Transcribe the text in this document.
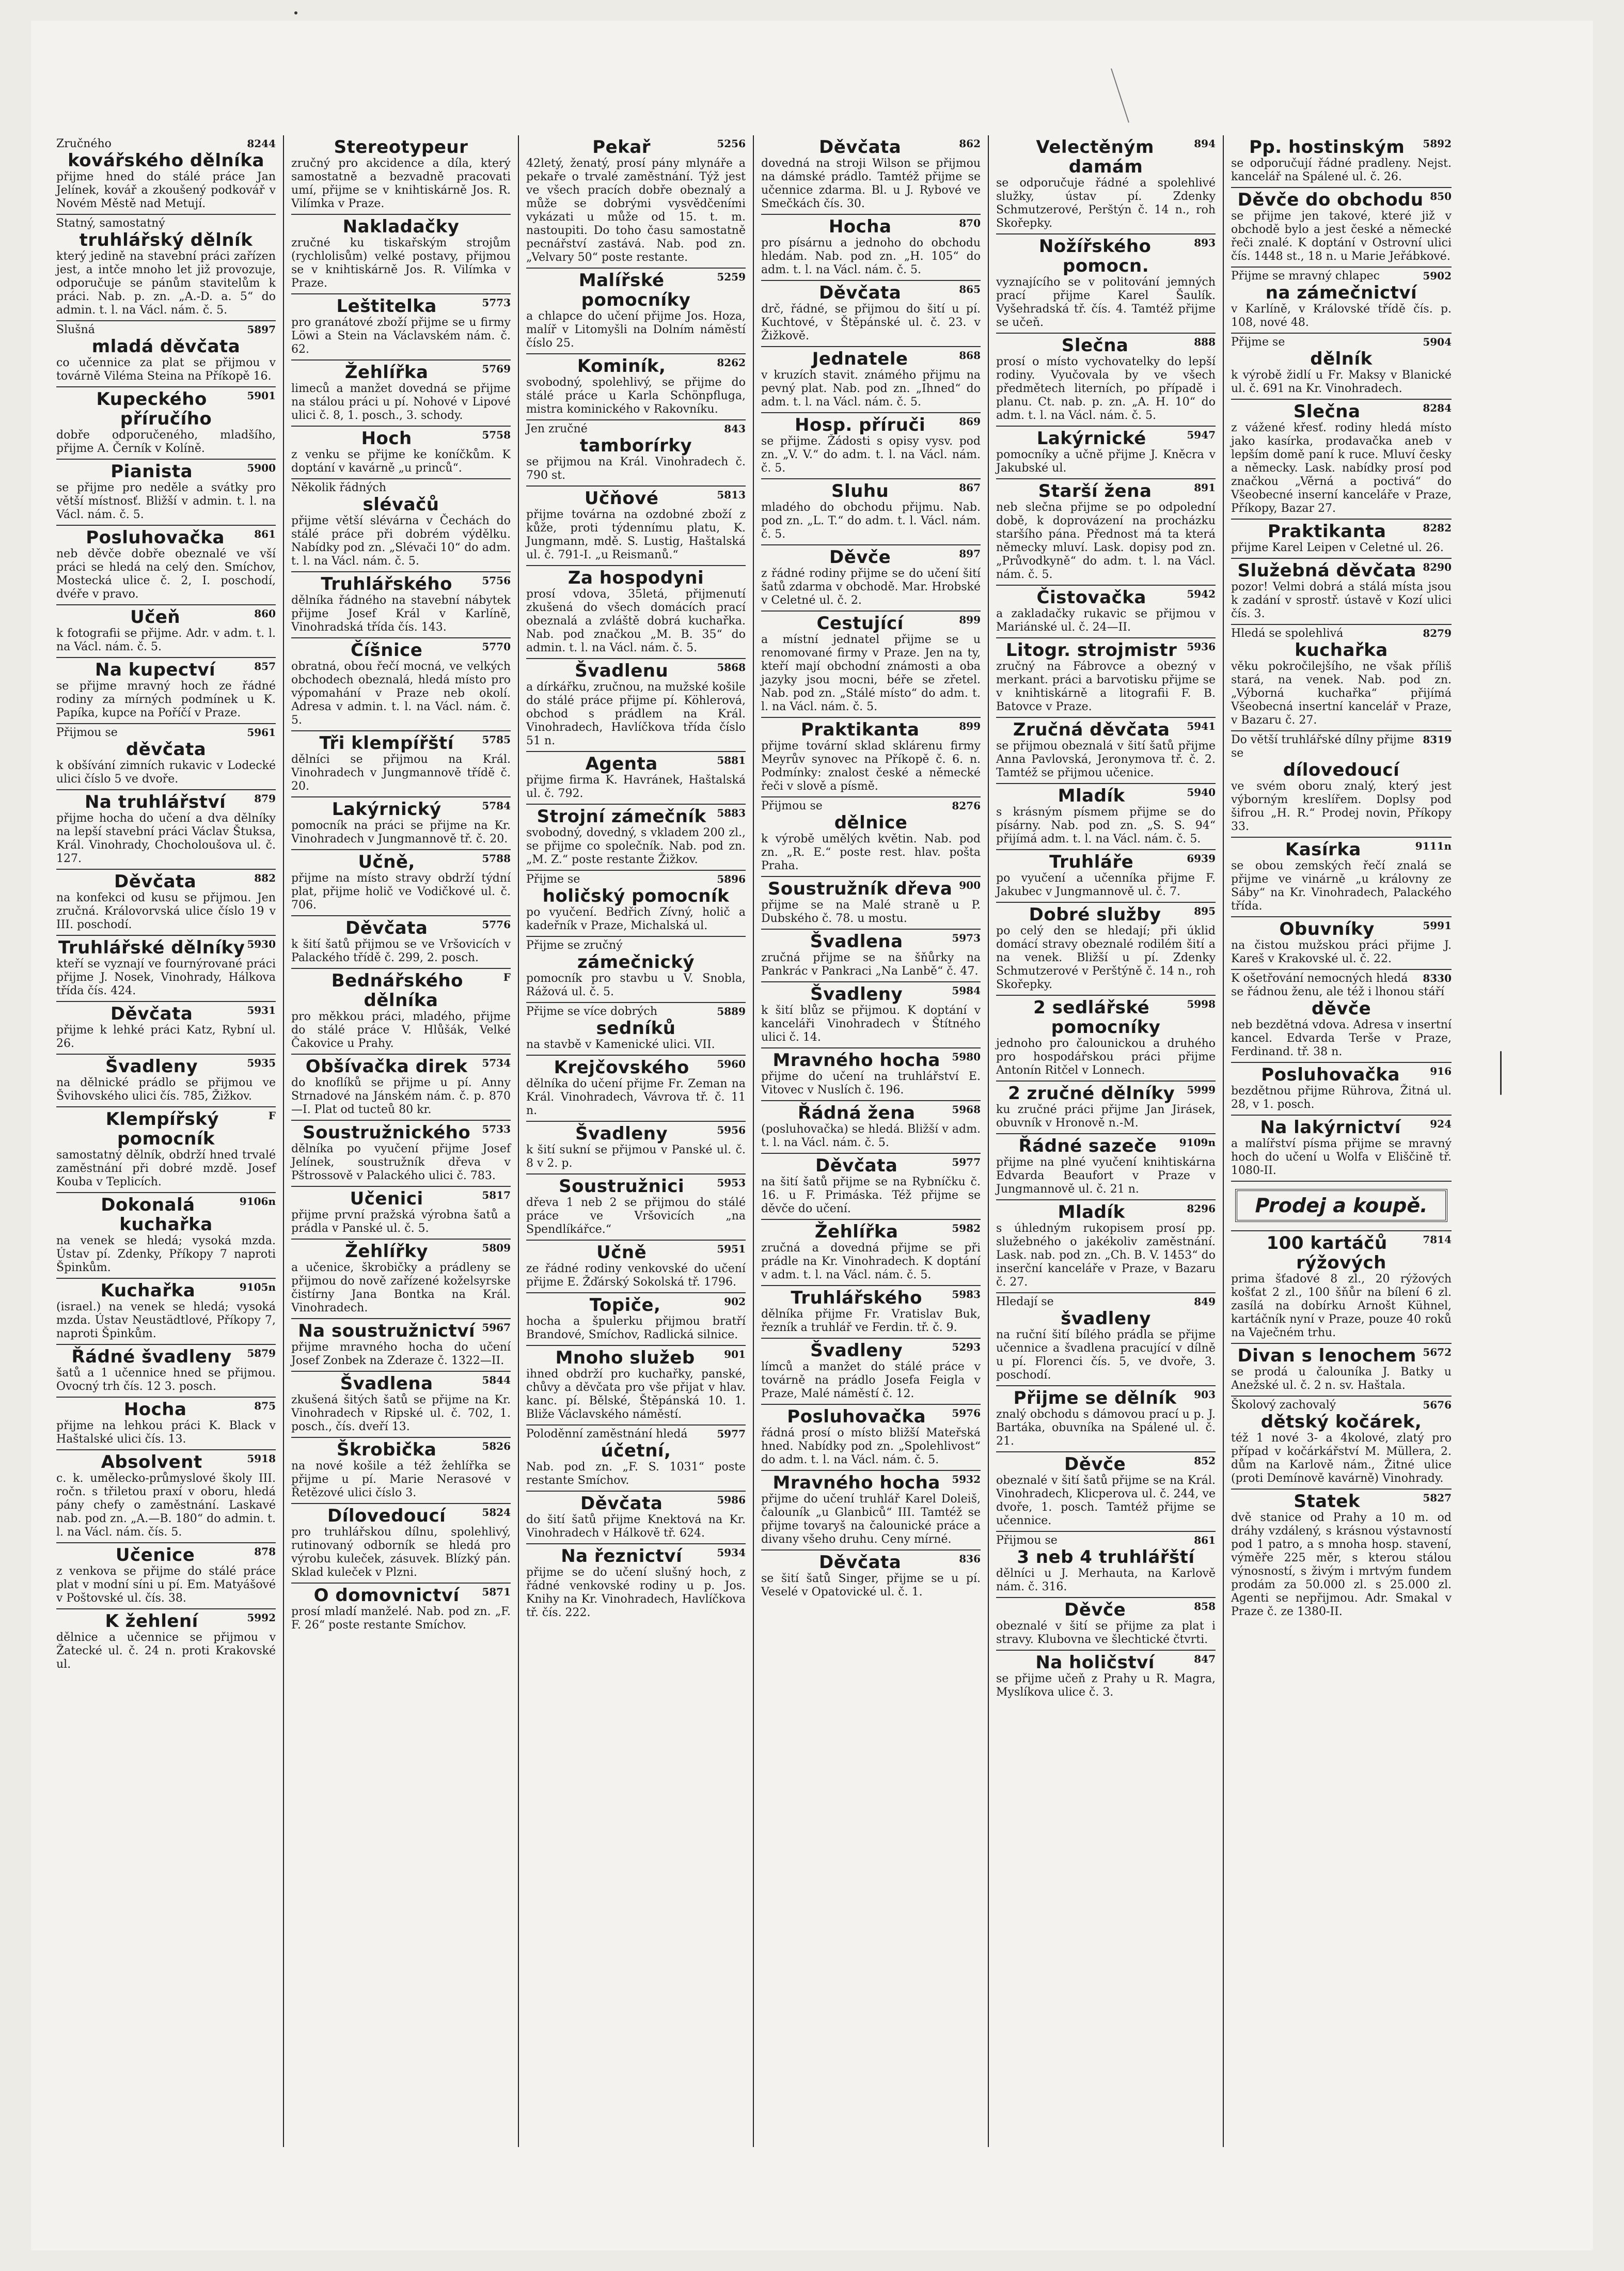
8244
Zručného
kovářského dělníka
přijme hned do stálé práce Jan Jelínek, kovář a zkoušený podkovář v Novém Městě nad Metují.
Statný, samostatný
truhlářský dělník
který jedině na stavební práci zařízen jest, a intče mnoho let již provozuje, odporučuje se pánům stavitelům k práci. Nab. p. zn. „A.-D. a. 5“ do admin. t. l. na Václ. nám. č. 5.
5897
Slušná
mladá děvčata
co učennice za plat se přijmou v továrně Viléma Steina na Příkopě 16.
5901
Kupeckého příručího
dobře odporučeného, mladšího, přijme A. Černík v Kolíně.
5900
Pianista
se přijme pro neděle a svátky pro větší místnosť. Bližší v admin. t. l. na Václ. nám. č. 5.
861
Posluhovačka
neb děvče dobře obeznalé ve vší práci se hledá na celý den. Smíchov, Mostecká ulice č. 2, I. poschodí, dvéře v pravo.
860
Učeň
k fotografii se přijme. Adr. v adm. t. l. na Václ. nám. č. 5.
857
Na kupectví
se přijme mravný hoch ze řádné rodiny za mírných podmínek u K. Papíka, kupce na Poříčí v Praze.
5961
Přijmou se
děvčata
k obšívání zimních rukavic v Lodecké ulici číslo 5 ve dvoře.
879
Na truhlářství
přijme hocha do učení a dva dělníky na lepší stavební práci Václav Štuksa, Král. Vinohrady, Chocholoušova ul. č. 127.
882
Děvčata
na konfekci od kusu se přijmou. Jen zručná. Královorvská ulice číslo 19 v III. poschodí.
5930
Truhlářské dělníky
kteří se vyznají ve fournýrované práci přijme J. Nosek, Vinohrady, Hálkova třída čís. 424.
5931
Děvčata
přijme k lehké práci Katz, Rybní ul. 26.
5935
Švadleny
na dělnické prádlo se přijmou ve Švihovského ulici čís. 785, Žižkov.
F
Klempířský pomocník
samostatný dělník, obdrží hned trvalé zaměstnání při dobré mzdě. Josef Kouba v Teplicích.
9106n
Dokonalá kuchařka
na venek se hledá; vysoká mzda. Ústav pí. Zdenky, Příkopy 7 naproti Špinkům.
9105n
Kuchařka
(israel.) na venek se hledá; vysoká mzda. Ústav Neustädtlové, Příkopy 7, naproti Špinkům.
5879
Řádné švadleny
šatů a 1 učennice hned se přijmou. Ovocný trh čís. 12 3. posch.
875
Hocha
přijme na lehkou práci K. Black v Haštalské ulici čís. 13.
5918
Absolvent
c. k. umělecko-průmyslové školy III. ročn. s třiletou praxí v oboru, hledá pány chefy o zaměstnání. Laskavé nab. pod zn. „A.—B. 180“ do admin. t. l. na Václ. nám. čís. 5.
878
Učenice
z venkova se přijme do stálé práce plat v modní síni u pí. Em. Matyášové v Poštovské ul. čís. 38.
5992
K žehlení
dělnice a učennice se přijmou v Žatecké ul. č. 24 n. proti Krakovské ul.
Stereotypeur
zručný pro akcidence a díla, který samostatně a bezvadně pracovati umí, přijme se v knihtiskárně Jos. R. Vilímka v Praze.
Nakladačky
zručné ku tiskařským strojům (rychlolisům) velké postavy, přijmou se v knihtiskárně Jos. R. Vilímka v Praze.
5773
Leštitelka
pro granátové zboží přijme se u firmy Löwi a Stein na Václavském nám. č. 62.
5769
Žehlířka
limeců a manžet dovedná se přijme na stálou práci u pí. Nohové v Lipové ulici č. 8, 1. posch., 3. schody.
5758
Hoch
z venku se přijme ke koníčkům. K doptání v kavárně „u princů“.
Několik řádných
slévačů
přijme větší slévárna v Čechách do stálé práce při dobrém výdělku. Nabídky pod zn. „Slévači 10“ do adm. t. l. na Václ. nám. č. 5.
5756
Truhlářského
dělníka řádného na stavební nábytek přijme Josef Král v Karlíně, Vinohradská třída čís. 143.
5770
Číšnice
obratná, obou řečí mocná, ve velkých obchodech obeznalá, hledá místo pro výpomahání v Praze neb okolí. Adresa v admin. t. l. na Václ. nám. č. 5.
5785
Tři klempířští
dělníci se přijmou na Král. Vinohradech v Jungmannově třídě č. 20.
5784
Lakýrnický
pomocník na práci se přijme na Kr. Vinohradech v Jungmannově tř. č. 20.
5788
Učně,
přijme na místo stravy obdrží týdní plat, přijme holič ve Vodičkové ul. č. 706.
5776
Děvčata
k šití šatů přijmou se ve Vršovicích v Palackého třídě č. 299, 2. posch.
F
Bednářského dělníka
pro měkkou práci, mladého, přijme do stálé práce V. Hlůšák, Velké Čakovice u Prahy.
5734
Obšívačka direk
do knoflíků se přijme u pí. Anny Strnadové na Jánském nám. č. p. 870—I. Plat od tucteů 80 kr.
5733
Soustružnického
dělníka po vyučení přijme Josef Jelínek, soustružník dřeva v Pštrossově v Palackého ulici č. 783.
5817
Učenici
přijme první pražská výrobna šatů a prádla v Panské ul. č. 5.
5809
Žehlířky
a učenice, škrobičky a prádleny se přijmou do nově zařízené koželsyrske čistírny Jana Bontka na Král. Vinohradech.
5967
Na soustružnictví
přijme mravného hocha do učení Josef Zonbek na Zderaze č. 1322—II.
5844
Švadlena
zkušená šitých šatů se přijme na Kr. Vinohradech v Ripské ul. č. 702, 1. posch., čís. dveří 13.
5826
Škrobička
na nové košile a též žehlířka se přijme u pí. Marie Nerasové v Řetězové ulici číslo 3.
5824
Dílovedoucí
pro truhlářskou dílnu, spolehlivý, rutinovaný odborník se hledá pro výrobu kuleček, zásuvek. Blízký pán. Sklad kuleček v Plzni.
5871
O domovnictví
prosí mladí manželé. Nab. pod zn. „F. F. 26“ poste restante Smíchov.
5256
Pekař
42letý, ženatý, prosí pány mlynáře a pekaře o trvalé zaměstnání. Týž jest ve všech pracích dobře obeznalý a může se dobrými vysvědčeními vykázati u může od 15. t. m. nastoupiti. Do toho času samostatně pecnářství zastává. Nab. pod zn. „Velvary 50“ poste restante.
5259
Malířské pomocníky
a chlapce do učení přijme Jos. Hoza, malíř v Litomyšli na Dolním náměstí číslo 25.
8262
Kominík,
svobodný, spolehlivý, se přijme do stálé práce u Karla Schönpfluga, mistra kominického v Rakovníku.
843
Jen zručné
tamborírky
se přijmou na Král. Vinohradech č. 790 st.
5813
Učňové
přijme továrna na ozdobné zboží z kůže, proti týdennímu platu, K. Jungmann, mdě. S. Lustig, Haštalská ul. č. 791-I. „u Reismanů.“
Za hospodyni
prosí vdova, 35letá, přijmenutí zkušená do všech domácích prací obeznalá a zvláště dobrá kuchařka. Nab. pod značkou „M. B. 35“ do admin. t. l. na Václ. nám. č. 5.
5868
Švadlenu
a dírkářku, zručnou, na mužské košile do stálé práce přijme pí. Köhlerová, obchod s prádlem na Král. Vinohradech, Havlíčkova třída číslo 51 n.
5881
Agenta
přijme firma K. Havránek, Haštalská ul. č. 792.
5883
Strojní zámečník
svobodný, dovedný, s vkladem 200 zl., se přijme co společník. Nab. pod zn. „M. Z.“ poste restante Žižkov.
5896
Přijme se
holičský pomocník
po vyučení. Bedřich Zívný, holič a kadeřník v Praze, Michalská ul.
Přijme se zručný
zámečnický
pomocník pro stavbu u V. Snobla, Rážová ul. č. 5.
5889
Přijme se více dobrých
sedníků
na stavbě v Kamenické ulici. VII.
5960
Krejčovského
dělníka do učení přijme Fr. Zeman na Král. Vinohradech, Vávrova tř. č. 11 n.
5956
Švadleny
k šití sukní se přijmou v Panské ul. č. 8 v 2. p.
5953
Soustružnici
dřeva 1 neb 2 se přijmou do stálé práce ve Vršovicích „na Spendlíkářce.“
5951
Učně
ze řádné rodiny venkovské do učení přijme E. Žďárský Sokolská tř. 1796.
902
Topiče,
hocha a špulerku přijmou bratří Brandové, Smíchov, Radlická silnice.
901
Mnoho služeb
ihned obdrží pro kuchařky, panské, chůvy a děvčata pro vše přijat v hlav. kanc. pí. Bělské, Štěpánská 10. 1. Bliže Václavského náměstí.
5977
Poloděnní zaměstnání hledá
účetní,
Nab. pod zn. „F. S. 1031“ poste restante Smíchov.
5986
Děvčata
do šití šatů přijme Knektová na Kr. Vinohradech v Hálkově tř. 624.
5934
Na řeznictví
přijme se do učení slušný hoch, z řádné venkovské rodiny u p. Jos. Knihy na Kr. Vinohradech, Havlíčkova tř. čís. 222.
862
Děvčata
dovedná na stroji Wilson se přijmou na dámské prádlo. Tamtéž přijme se učennice zdarma. Bl. u J. Rybové ve Smečkách čís. 30.
870
Hocha
pro písárnu a jednoho do obchodu hledám. Nab. pod zn. „H. 105“ do adm. t. l. na Václ. nám. č. 5.
865
Děvčata
drč, řádné, se přijmou do šití u pí. Kuchtové, v Štěpánské ul. č. 23. v Žižkově.
868
Jednatele
v kruzích stavit. známého přijmu na pevný plat. Nab. pod zn. „Ihned“ do adm. t. l. na Václ. nám. č. 5.
869
Hosp. příruči
se přijme. Žádosti s opisy vysv. pod zn. „V. V.“ do adm. t. l. na Václ. nám. č. 5.
867
Sluhu
mladého do obchodu přijmu. Nab. pod zn. „L. T.“ do adm. t. l. Václ. nám. č. 5.
897
Děvče
z řádné rodiny přijme se do učení šití šatů zdarma v obchodě. Mar. Hrobské v Celetné ul. č. 2.
899
Cestující
a místní jednatel přijme se u renomované firmy v Praze. Jen na ty, kteří mají obchodní známosti a oba jazyky jsou mocni, béře se zřetel. Nab. pod zn. „Stálé místo“ do adm. t. l. na Václ. nám. č. 5.
899
Praktikanta
přijme tovární sklad sklárenu firmy Meyrův synovec na Příkopě č. 6. n. Podmínky: znalost české a německé řeči v slově a písmě.
8276
Přijmou se
dělnice
k výrobě umělých květin. Nab. pod zn. „R. E.“ poste rest. hlav. pošta Praha.
900
Soustružník dřeva
přijme se na Malé straně u P. Dubského č. 78. u mostu.
5973
Švadlena
zručná přijme se na šňůrky na Pankrác v Pankraci „Na Lanbě“ č. 47.
5984
Švadleny
k šití blůz se přijmou. K doptání v kanceláři Vinohradech v Štítného ulici č. 14.
5980
Mravného hocha
přijme do učení na truhlářství E. Vitovec v Nuslích č. 196.
5968
Řádná žena
(posluhovačka) se hledá. Bližší v adm. t. l. na Václ. nám. č. 5.
5977
Děvčata
na šití šatů přijme se na Rybníčku č. 16. u F. Primáska. Též přijme se děvče do učení.
5982
Žehlířka
zručná a dovedná přijme se při prádle na Kr. Vinohradech. K doptání v adm. t. l. na Václ. nám. č. 5.
5983
Truhlářského
dělníka přijme Fr. Vratislav Buk, řezník a truhlář ve Ferdin. tř. č. 9.
5293
Švadleny
límců a manžet do stálé práce v továrně na prádlo Josefa Feigla v Praze, Malé náměstí č. 12.
5976
Posluhovačka
řádná prosí o místo bližší Mateřská hned. Nabídky pod zn. „Spolehlivost“ do adm. t. l. na Václ. nám. č. 5.
5932
Mravného hocha
přijme do učení truhlář Karel Doleiš, čalouník „u Glanbiců“ III. Tamtéž se přijme tovaryš na čalounické práce a divany všeho druhu. Ceny mírné.
836
Děvčata
se šití šatů Singer, přijme se u pí. Veselé v Opatovické ul. č. 1.
894
Velectěným damám
se odporučuje řádné a spolehlivé služky, ústav pí. Zdenky Schmutzerové, Perštýn č. 14 n., roh Skořepky.
893
Nožířského pomocn.
vyznajícího se v politování jemných prací přijme Karel Šaulík. Vyšehradská tř. čís. 4. Tamtéž přijme se učeň.
888
Slečna
prosí o místo vychovatelky do lepší rodiny. Vyučovala by ve všech předmětech literních, po případě i planu. Ct. nab. p. zn. „A. H. 10“ do adm. t. l. na Václ. nám. č. 5.
5947
Lakýrnické
pomocníky a učně přijme J. Kněcra v Jakubské ul.
891
Starší žena
neb slečna přijme se po odpolední době, k doprovázení na procházku staršího pána. Přednost má ta která německy mluví. Lask. dopisy pod zn. „Průvodkyně“ do adm. t. l. na Václ. nám. č. 5.
5942
Čistovačka
a zakladačky rukavic se přijmou v Mariánské ul. č. 24—II.
5936
Litogr. strojmistr
zručný na Fábrovce a obezný v merkant. práci a barvotisku přijme se v knihtiskárně a litografii F. B. Batovce v Praze.
5941
Zručná děvčata
se přijmou obeznalá v šití šatů přijme Anna Pavlovská, Jeronymova tř. č. 2. Tamtéž se přijmou učenice.
5940
Mladík
s krásným písmem přijme se do písárny. Nab. pod zn. „S. S. 94“ přijímá adm. t. l. na Václ. nám. č. 5.
6939
Truhláře
po vyučení a učenníka přijme F. Jakubec v Jungmannově ul. č. 7.
895
Dobré služby
po celý den se hledají; při úklid domácí stravy obeznalé rodilém šití a na venek. Bližší u pí. Zdenky Schmutzerové v Perštýně č. 14 n., roh Skořepky.
5998
2 sedlářské pomocníky
jednoho pro čalounickou a druhého pro hospodářskou práci přijme Antonín Ritčel v Lonnech.
5999
2 zručné dělníky
ku zručné práci přijme Jan Jirásek, obuvník v Hronově n.-M.
9109n
Řádné sazeče
přijme na plné vyučení knihtiskárna Edvarda Beaufort v Praze v Jungmannově ul. č. 21 n.
8296
Mladík
s úhledným rukopisem prosí pp. služebného o jakékoliv zaměstnání. Lask. nab. pod zn. „Ch. B. V. 1453“ do inserční kanceláře v Praze, v Bazaru č. 27.
849
Hledají se
švadleny
na ruční šití bílého prádla se přijme učennice a švadlena pracující v dílně u pí. Florenci čís. 5, ve dvoře, 3. poschodí.
903
Přijme se dělník
znalý obchodu s dámovou prací u p. J. Bartáka, obuvníka na Spálené ul. č. 21.
852
Děvče
obeznalé v šití šatů přijme se na Král. Vinohradech, Klicperova ul. č. 244, ve dvoře, 1. posch. Tamtéž přijme se učennice.
861
Přijmou se
3 neb 4 truhlářští
dělníci u J. Merhauta, na Karlově nám. č. 316.
858
Děvče
obeznalé v šití se přijme za plat i stravy. Klubovna ve šlechtické čtvrti.
847
Na holičství
se přijme učeň z Prahy u R. Magra, Myslíkova ulice č. 3.
5892
Pp. hostinským
se odporučují řádné pradleny. Nejst. kancelář na Spálené ul. č. 26.
850
Děvče do obchodu
se přijme jen takové, které již v obchodě bylo a jest české a německé řeči znalé. K doptání v Ostrovní ulici čís. 1448 st., 18 n. u Marie Jeřábkové.
5902
Přijme se mravný chlapec
na zámečnictví
v Karlíně, v Královské třídě čís. p. 108, nové 48.
5904
Přijme se
dělník
k výrobě židlí u Fr. Maksy v Blanické ul. č. 691 na Kr. Vinohradech.
8284
Slečna
z vážené křesť. rodiny hledá místo jako kasírka, prodavačka aneb v lepším domě paní k ruce. Mluví česky a německy. Lask. nabídky prosí pod značkou „Věrná a poctivá“ do Všeobecné inserní kanceláře v Praze, Příkopy, Bazar 27.
8282
Praktikanta
přijme Karel Leipen v Celetné ul. 26.
8290
Služebná děvčata
pozor! Velmi dobrá a stálá místa jsou k zadání v sprostř. ústavě v Kozí ulici čís. 3.
8279
Hledá se spolehlivá
kuchařka
věku pokročilejšího, ne však příliš stará, na venek. Nab. pod zn. „Výborná kuchařka“ přijímá Všeobecná insertní kancelář v Praze, v Bazaru č. 27.
8319
Do větší truhlářské dílny přijme se
dílovedoucí
ve svém oboru znalý, který jest výborným kreslířem. Doplsy pod šifrou „H. R.“ Prodej novin, Příkopy 33.
9111n
Kasírka
se obou zemských řečí znalá se přijme ve vinárně „u královny ze Sáby“ na Kr. Vinohradech, Palackého třída.
5991
Obuvníky
na čistou mužskou práci přijme J. Kareš v Krakovské ul. č. 22.
8330
K ošetřování nemocných hledá se řádnou ženu, ale též i lhonou stáří
děvče
neb bezdětná vdova. Adresa v insertní kancel. Edvarda Terše v Praze, Ferdinand. tř. 38 n.
916
Posluhovačka
bezdětnou přijme Rührova, Žitná ul. 28, v 1. posch.
924
Na lakýrnictví
a malířství písma přijme se mravný hoch do učení u Wolfa v Eliščině tř. 1080-II.
Prodej a koupě.
7814
100 kartáčů rýžových
prima šťadové 8 zl., 20 rýžových košťat 2 zl., 100 šňůr na bílení 6 zl. zasílá na dobírku Arnošt Kühnel, kartáčník nyní v Praze, pouze 40 roků na Vaječném trhu.
5672
Divan s lenochem
se prodá u čalouníka J. Batky u Anežské ul. č. 2 n. sv. Haštala.
5676
Školový zachovalý
dětský kočárek,
též 1 nové 3- a 4kolové, zlatý pro případ v kočárkářství M. Müllera, 2. dům na Karlově nám., Žitné ulice (proti Demínově kavárně) Vinohrady.
5827
Statek
dvě stanice od Prahy a 10 m. od dráhy vzdálený, s krásnou výstavností pod 1 patro, a s mnoha hosp. stavení, výměře 225 měr, s kterou stálou výnosností, s živým i mrtvým fundem prodám za 50.000 zl. s 25.000 zl. Agenti se nepřijmou. Adr. Smakal v Praze č. ze 1380-II.
